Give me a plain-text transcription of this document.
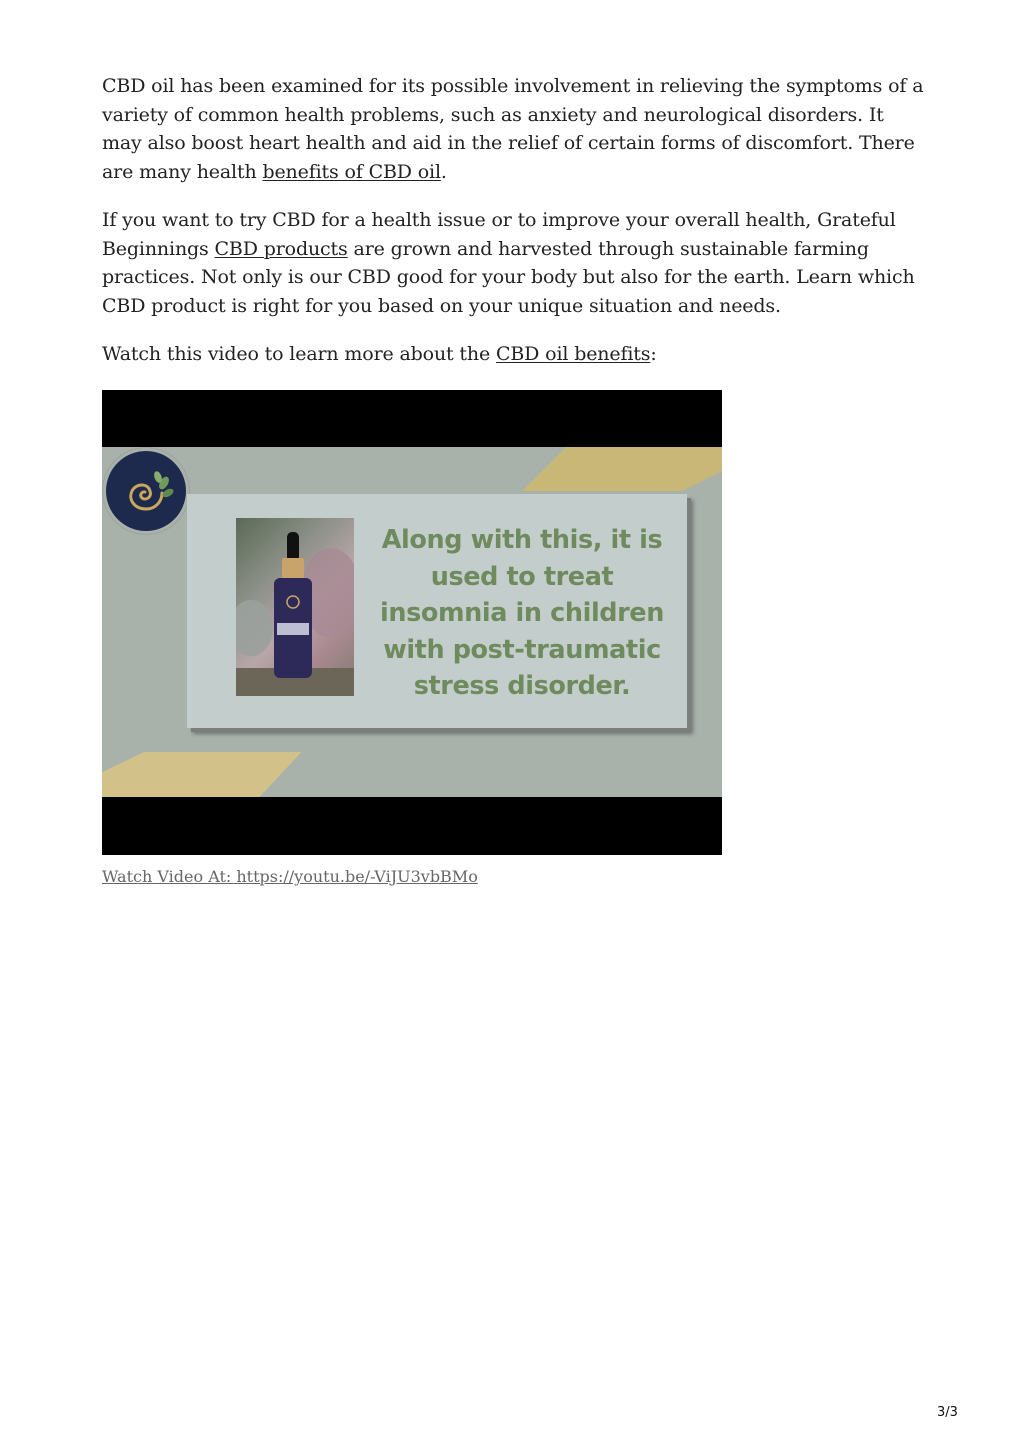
CBD oil has been examined for its possible involvement in relieving the symptoms of a variety of common health problems, such as anxiety and neurological disorders. It may also boost heart health and aid in the relief of certain forms of discomfort. There are many health benefits of CBD oil.

If you want to try CBD for a health issue or to improve your overall health, Grateful Beginnings CBD products are grown and harvested through sustainable farming practices. Not only is our CBD good for your body but also for the earth. Learn which CBD product is right for you based on your unique situation and needs.

Watch this video to learn more about the CBD oil benefits:

Along with this, it is used to treat insomnia in children with post-traumatic stress disorder.
Watch Video At: https://youtu.be/-ViJU3vbBMo
3/3
